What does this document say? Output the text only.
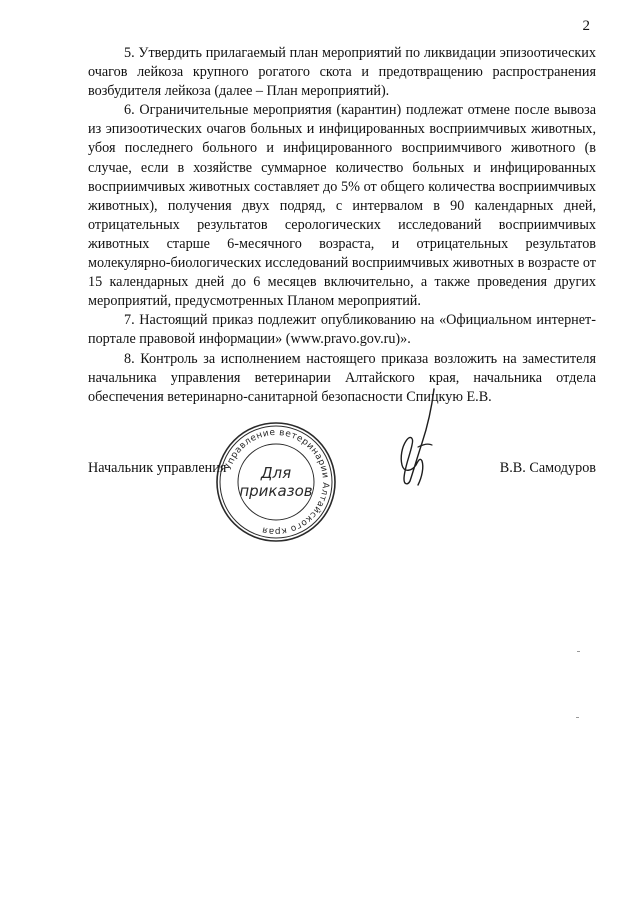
2

5. Утвердить прилагаемый план мероприятий по ликвидации эпизоотических очагов лейкоза крупного рогатого скота и предотвращению распространения возбудителя лейкоза (далее – План мероприятий).

6. Ограничительные мероприятия (карантин) подлежат отмене после вывоза из эпизоотических очагов больных и инфицированных восприимчивых животных, убоя последнего больного и инфицированного восприимчивого животного (в случае, если в хозяйстве суммарное количество больных и инфицированных восприимчивых животных составляет до 5% от общего количества восприимчивых животных), получения двух подряд, с интервалом в 90 календарных дней, отрицательных результатов серологических исследований восприимчивых животных старше 6-месячного возраста, и отрицательных результатов молекулярно-биологических исследований восприимчивых животных в возрасте от 15 календарных дней до 6 месяцев включительно, а также проведения других мероприятий, предусмотренных Планом мероприятий.

7. Настоящий приказ подлежит опубликованию на «Официальном интернет-портале правовой информации» (www.pravo.gov.ru)».

8. Контроль за исполнением настоящего приказа возложить на заместителя начальника управления ветеринарии Алтайского края, начальника отдела обеспечения ветеринарно-санитарной безопасности Спицкую Е.В.

Начальник управления	В.В. Самодуров
Управление ветеринарии Алтайского края
Для
приказов
